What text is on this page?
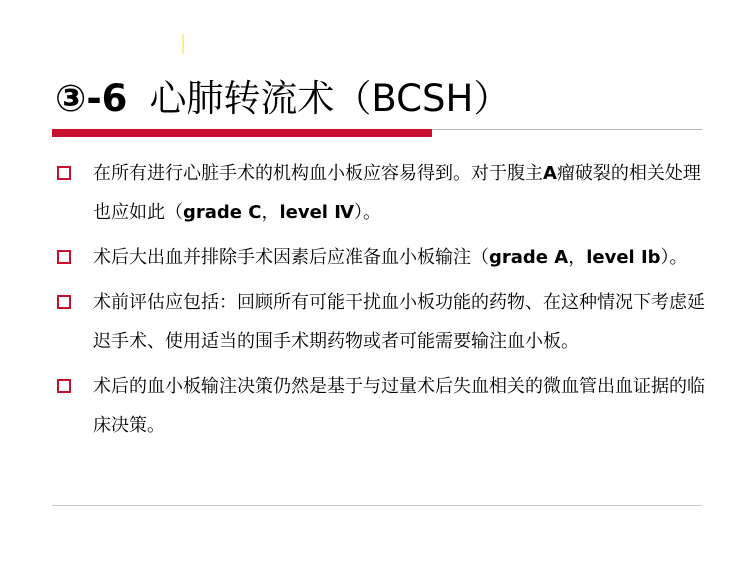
③-6 心肺转流术（BCSH）
在所有进行心脏手术的机构血小板应容易得到。对于腹主A瘤破裂的相关处理也应如此（grade C，level Ⅳ）。
术后大出血并排除手术因素后应准备血小板输注（grade A，level Ⅰb）。
术前评估应包括：回顾所有可能干扰血小板功能的药物、在这种情况下考虑延迟手术、使用适当的围手术期药物或者可能需要输注血小板。
术后的血小板输注决策仍然是基于与过量术后失血相关的微血管出血证据的临床决策。
